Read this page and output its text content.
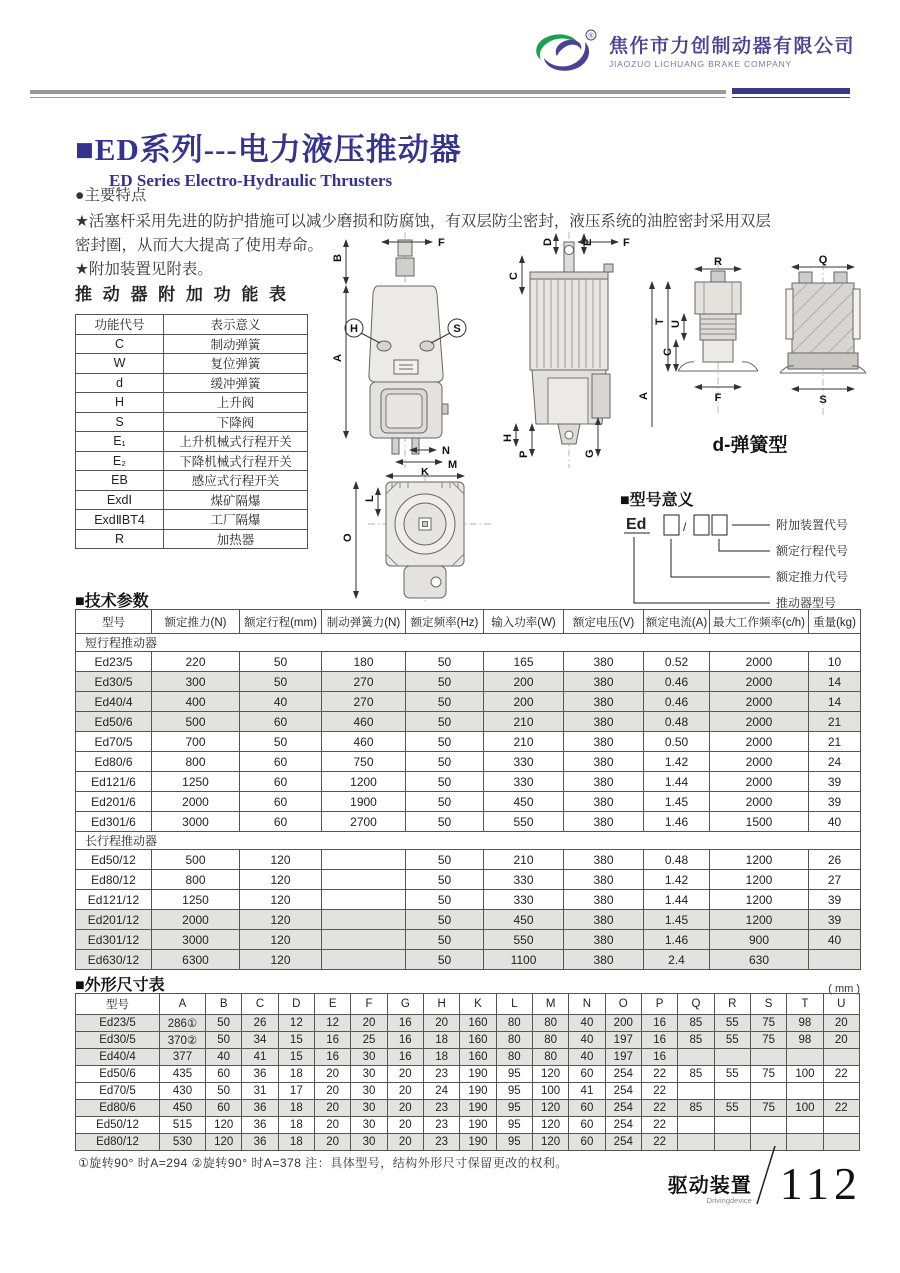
® 焦作市力创制动器有限公司
JIAOZUO LICHUANG BRAKE COMPANY
■ED系列---电力液压推动器
ED Series Electro-Hydraulic Thrusters
●主要特点
★活塞杆采用先进的防护措施可以减少磨损和防腐蚀，有双层防尘密封，液压系统的油腔密封采用双层密封圈，从而大大提高了使用寿命。
★附加装置见附表。
推 动 器 附 加 功 能 表
功能代号	表示意义
C	制动弹簧
W	复位弹簧
d	缓冲弹簧
H	上升阀
S	下降阀
E₁	上升机械式行程开关
E₂	下降机械式行程开关
EB	感应式行程开关
ExdⅠ	煤矿隔爆
ExdⅡBT4	工厂隔爆
R	加热器
F
B
A
H	S
N
M
C
D	E	F
H
P	G
K
L
O
R
T U
C
A	F
Q
S
d-弹簧型
■型号意义
Ed	/	附加装置代号
额定行程代号
额定推力代号
推动器型号
■技术参数
型号	额定推力(N)	额定行程(mm)	制动弹簧力(N)	额定频率(Hz)	输入功率(W)	额定电压(V)	额定电流(A)	最大工作频率(c/h)	重量(kg)
短行程推动器									
Ed23/5	220	50	180	50	165	380	0.52	2000	10
Ed30/5	300	50	270	50	200	380	0.46	2000	14
Ed40/4	400	40	270	50	200	380	0.46	2000	14
Ed50/6	500	60	460	50	210	380	0.48	2000	21
Ed70/5	700	50	460	50	210	380	0.50	2000	21
Ed80/6	800	60	750	50	330	380	1.42	2000	24
Ed121/6	1250	60	1200	50	330	380	1.44	2000	39
Ed201/6	2000	60	1900	50	450	380	1.45	2000	39
Ed301/6	3000	60	2700	50	550	380	1.46	1500	40
长行程推动器									
Ed50/12	500	120		50	210	380	0.48	1200	26
Ed80/12	800	120		50	330	380	1.42	1200	27
Ed121/12	1250	120		50	330	380	1.44	1200	39
Ed201/12	2000	120		50	450	380	1.45	1200	39
Ed301/12	3000	120		50	550	380	1.46	900	40
Ed630/12	6300	120		50	1100	380	2.4	630	
■外形尺寸表	( mm )
型号	A	B	C	D	E	F	G	H	K	L	M	N	O	P	Q	R	S	T	U
Ed23/5	286①	50	26	12	12	20	16	20	160	80	80	40	200	16	85	55	75	98	20
Ed30/5	370②	50	34	15	16	25	16	18	160	80	80	40	197	16	85	55	75	98	20
Ed40/4	377	40	41	15	16	30	16	18	160	80	80	40	197	16					
Ed50/6	435	60	36	18	20	30	20	23	190	95	120	60	254	22	85	55	75	100	22
Ed70/5	430	50	31	17	20	30	20	24	190	95	100	41	254	22					
Ed80/6	450	60	36	18	20	30	20	23	190	95	120	60	254	22	85	55	75	100	22
Ed50/12	515	120	36	18	20	30	20	23	190	95	120	60	254	22					
Ed80/12	530	120	36	18	20	30	20	23	190	95	120	60	254	22					
①旋转90° 时A=294 ②旋转90° 时A=378 注：具体型号，结构外形尺寸保留更改的权利。
驱动装置
Drivingdevice 112
